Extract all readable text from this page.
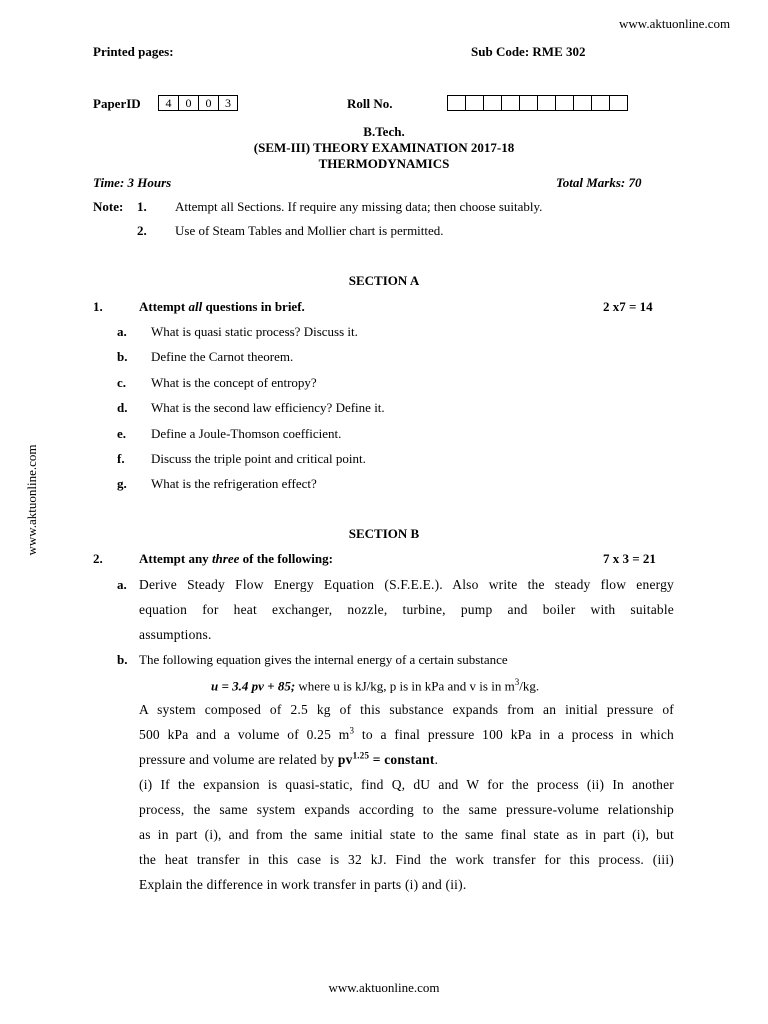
www.aktuonline.com
Printed pages:	Sub Code: RME 302
PaperID	4	0	0	3	Roll No.
B.Tech.
(SEM-III) THEORY EXAMINATION 2017-18
THERMODYNAMICS
Time: 3 Hours	Total Marks: 70
Note: 1. Attempt all Sections. If require any missing data; then choose suitably.
2. Use of Steam Tables and Mollier chart is permitted.
SECTION A
1.	Attempt all questions in brief.	2 x7 = 14
a. What is quasi static process? Discuss it.
b. Define the Carnot theorem.
c. What is the concept of entropy?
d. What is the second law efficiency? Define it.
e. Define a Joule-Thomson coefficient.
f. Discuss the triple point and critical point.
g. What is the refrigeration effect?
SECTION B
2.	Attempt any three of the following:	7 x 3 = 21
a. Derive Steady Flow Energy Equation (S.F.E.E.). Also write the steady flow energy
equation for heat exchanger, nozzle, turbine, pump and boiler with suitable
assumptions.
b. The following equation gives the internal energy of a certain substance
u = 3.4 pv + 85; where u is kJ/kg, p is in kPa and v is in $m^3/kg$.
A system composed of 2.5 kg of this substance expands from an initial pressure of
500 kPa and a volume of 0.25 $m^3$ to a final pressure 100 kPa in a process in which
pressure and volume are related by $pv^{1.25}$ = constant.
(i) If the expansion is quasi-static, find Q, dU and W for the process (ii) In another
process, the same system expands according to the same pressure-volume relationship
as in part (i), and from the same initial state to the same final state as in part (i), but
the heat transfer in this case is 32 kJ. Find the work transfer for this process. (iii)
Explain the difference in work transfer in parts (i) and (ii).
www.aktuonline.com
www.aktuonline.com
